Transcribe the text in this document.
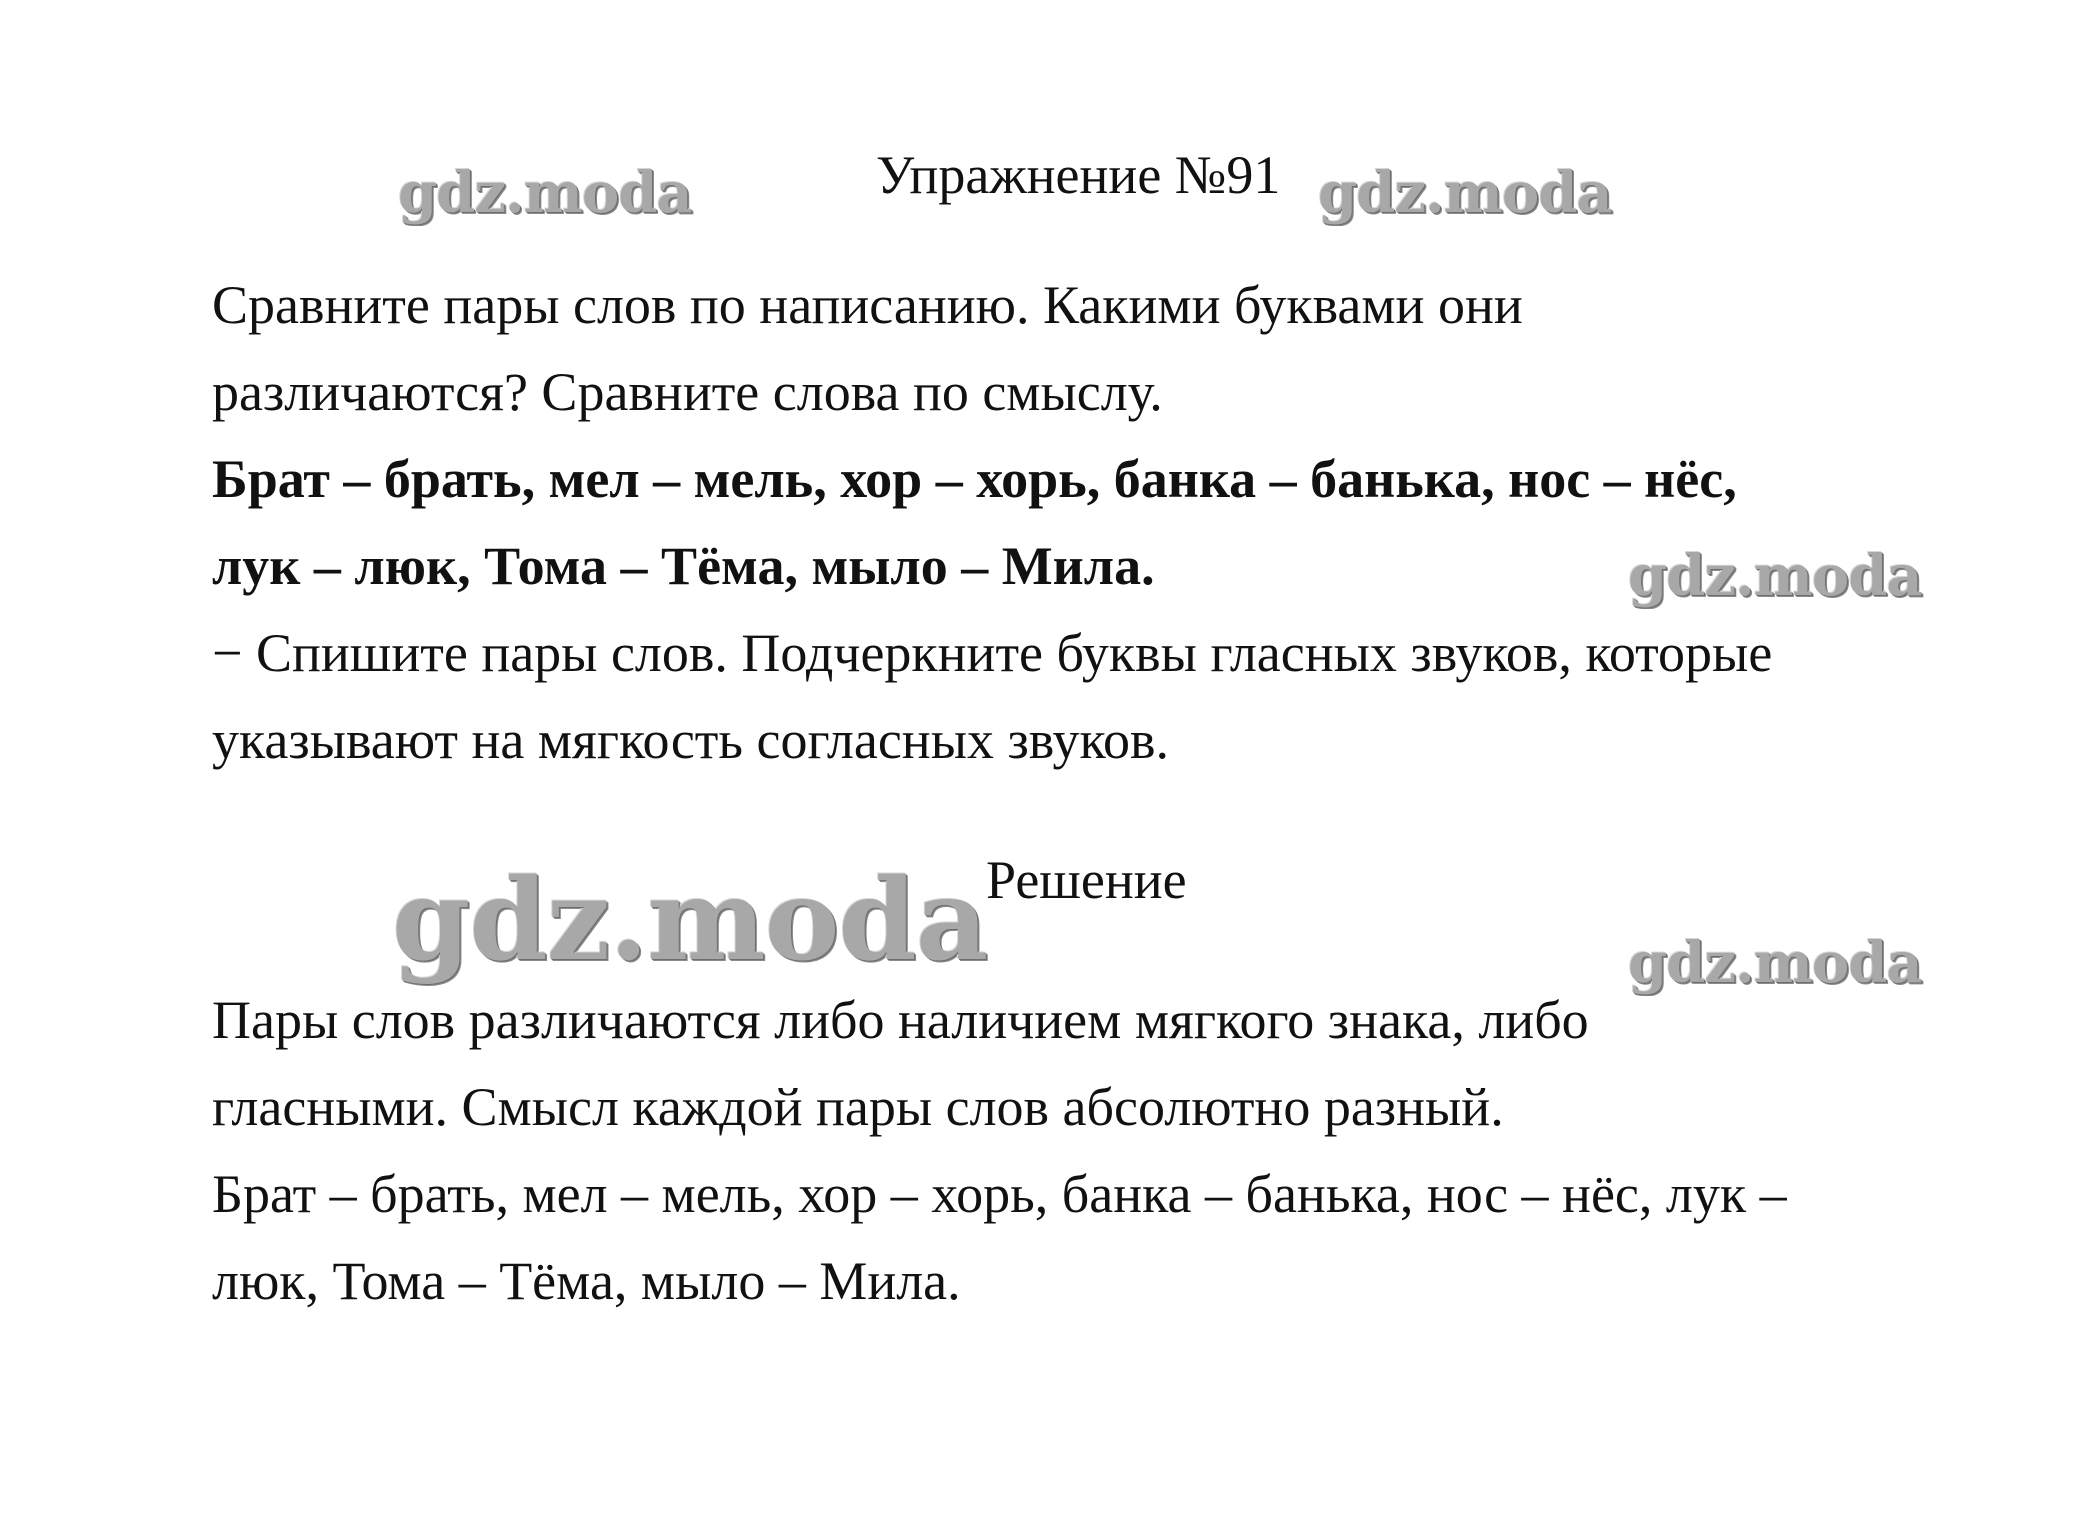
gdz.moda	gdz.moda
gdz.moda
gdz.moda	gdz.moda
Упражнение №91
Сравните пары слов по написанию. Какими буквами они
различаются? Сравните слова по смыслу.
Брат – брать, мел – мель, хор – хорь, банка – банька, нос – нёс,
лук – люк, Тома – Тёма, мыло – Мила.
− Спишите пары слов. Подчеркните буквы гласных звуков, которые
указывают на мягкость согласных звуков.
Решение
Пары слов различаются либо наличием мягкого знака, либо
гласными. Смысл каждой пары слов абсолютно разный.
Брат – брать, мел – мель, хор – хорь, банка – банька, нос – нёс, лук –
люк, Тома – Тёма, мыло – Мила.
